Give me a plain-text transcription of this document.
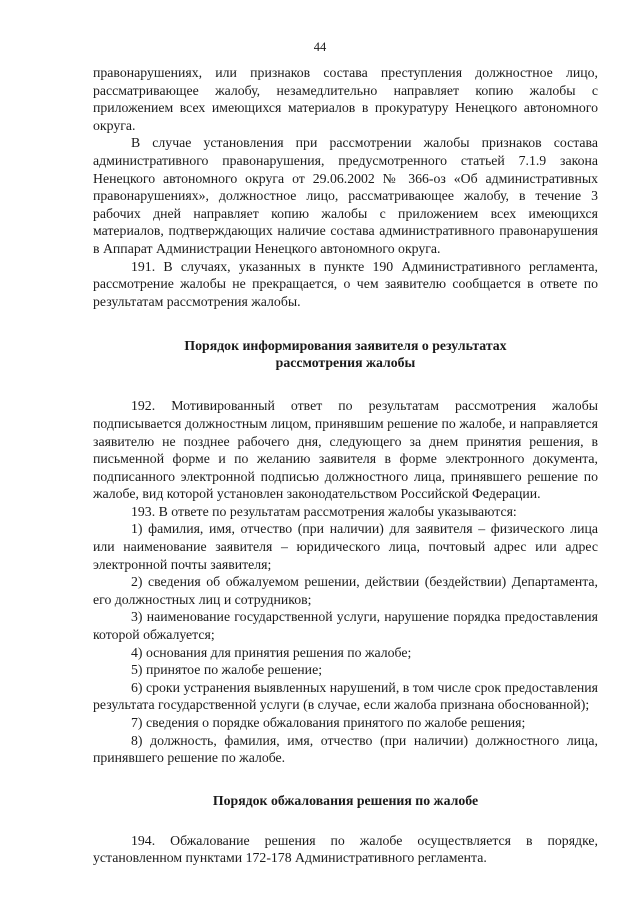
44

правонарушениях, или признаков состава преступления должностное лицо, рассматривающее жалобу, незамедлительно направляет копию жалобы с приложением всех имеющихся материалов в прокуратуру Ненецкого автономного округа.

В случае установления при рассмотрении жалобы признаков состава административного правонарушения, предусмотренного статьей 7.1.9 закона Ненецкого автономного округа от 29.06.2002 № 366-оз «Об административных правонарушениях», должностное лицо, рассматривающее жалобу, в течение 3 рабочих дней направляет копию жалобы с приложением всех имеющихся материалов, подтверждающих наличие состава административного правонарушения в Аппарат Администрации Ненецкого автономного округа.

191. В случаях, указанных в пункте 190 Административного регламента, рассмотрение жалобы не прекращается, о чем заявителю сообщается в ответе по результатам рассмотрения жалобы.

Порядок информирования заявителя о результатах
рассмотрения жалобы

192. Мотивированный ответ по результатам рассмотрения жалобы подписывается должностным лицом, принявшим решение по жалобе, и направляется заявителю не позднее рабочего дня, следующего за днем принятия решения, в письменной форме и по желанию заявителя в форме электронного документа, подписанного электронной подписью должностного лица, принявшего решение по жалобе, вид которой установлен законодательством Российской Федерации.

193. В ответе по результатам рассмотрения жалобы указываются:

1) фамилия, имя, отчество (при наличии) для заявителя – физического лица или наименование заявителя – юридического лица, почтовый адрес или адрес электронной почты заявителя;

2) сведения об обжалуемом решении, действии (бездействии) Департамента, его должностных лиц и сотрудников;

3) наименование государственной услуги, нарушение порядка предоставления которой обжалуется;

4) основания для принятия решения по жалобе;

5) принятое по жалобе решение;

6) сроки устранения выявленных нарушений, в том числе срок предоставления результата государственной услуги (в случае, если жалоба признана обоснованной);

7) сведения о порядке обжалования принятого по жалобе решения;

8) должность, фамилия, имя, отчество (при наличии) должностного лица, принявшего решение по жалобе.

Порядок обжалования решения по жалобе

194. Обжалование решения по жалобе осуществляется в порядке, установленном пунктами 172-178 Административного регламента.
